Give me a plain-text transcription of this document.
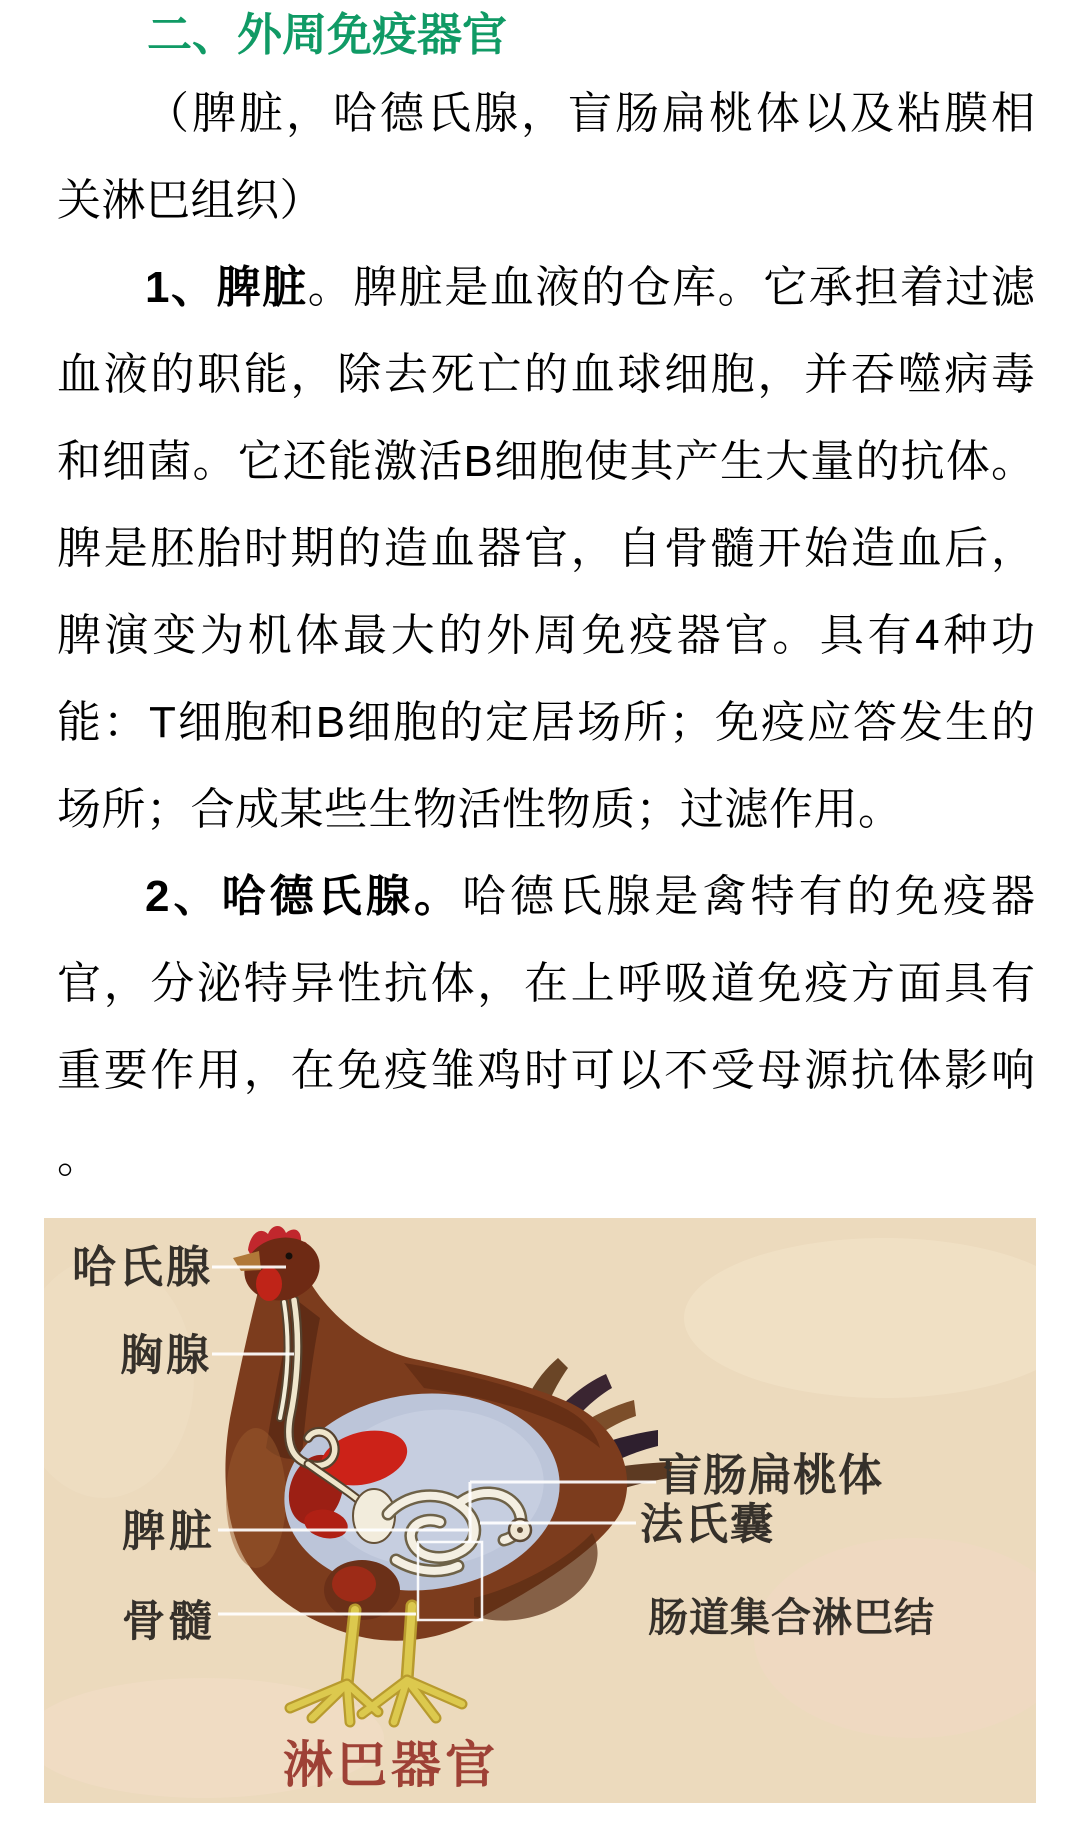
二、外周免疫器官
（脾脏，哈德氏腺，盲肠扁桃体以及粘膜相
关淋巴组织）
1、脾脏。脾脏是血液的仓库。它承担着过滤
血液的职能，除去死亡的血球细胞，并吞噬病毒
和细菌。它还能激活B细胞使其产生大量的抗体。
脾是胚胎时期的造血器官，自骨髓开始造血后，
脾演变为机体最大的外周免疫器官。具有4种功
能：T细胞和B细胞的定居场所；免疫应答发生的
场所；合成某些生物活性物质；过滤作用。
2、哈德氏腺。哈德氏腺是禽特有的免疫器
官，分泌特异性抗体，在上呼吸道免疫方面具有
重要作用，在免疫雏鸡时可以不受母源抗体影响
。
哈氏腺
胸腺
脾脏
骨髓
盲肠扁桃体
法氏囊
肠道集合淋巴结
淋巴器官
